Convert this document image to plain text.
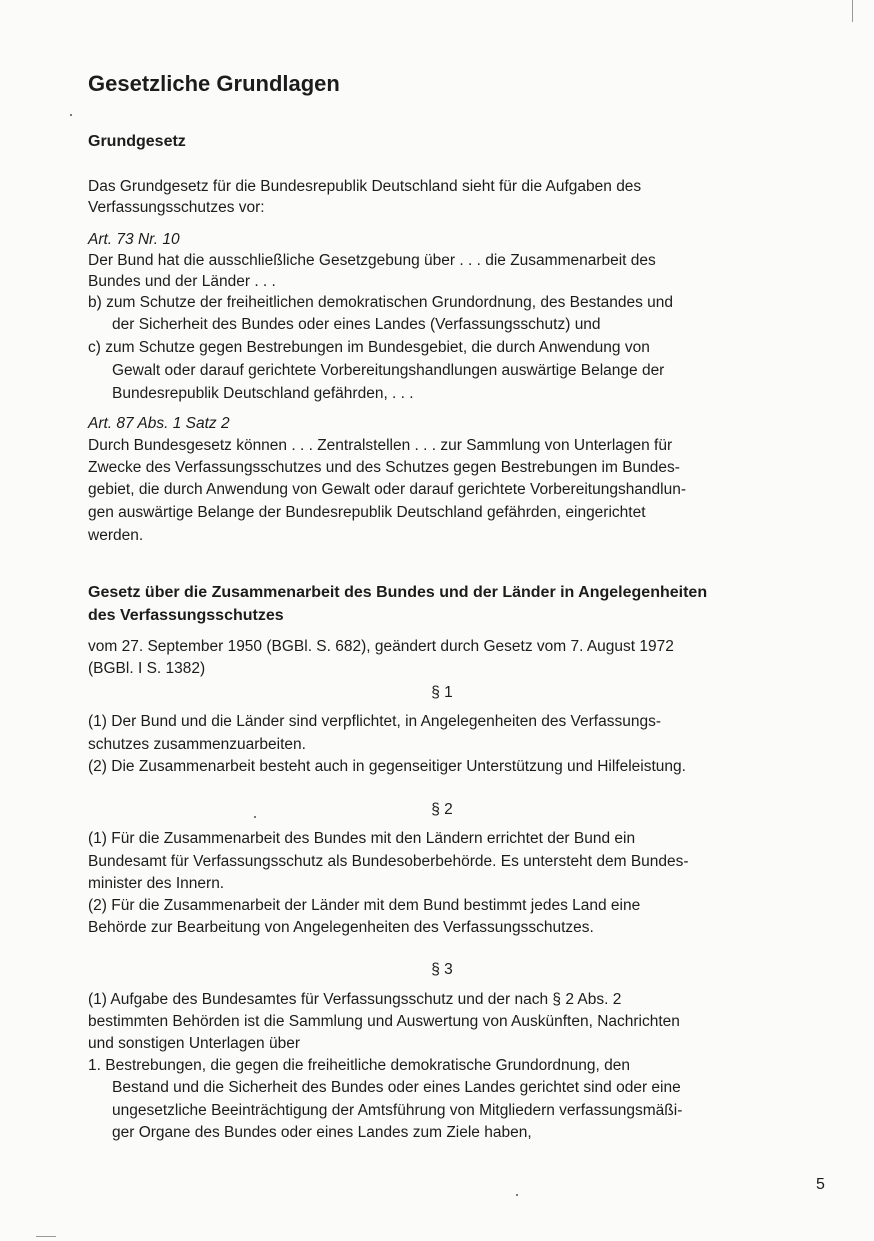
Gesetzliche Grundlagen
Grundgesetz
Das Grundgesetz für die Bundesrepublik Deutschland sieht für die Aufgaben des
Verfassungsschutzes vor:
Art. 73 Nr. 10
Der Bund hat die ausschließliche Gesetzgebung über . . . die Zusammenarbeit des
Bundes und der Länder . . .
b) zum Schutze der freiheitlichen demokratischen Grundordnung, des Bestandes und
der Sicherheit des Bundes oder eines Landes (Verfassungsschutz) und
c) zum Schutze gegen Bestrebungen im Bundesgebiet, die durch Anwendung von
Gewalt oder darauf gerichtete Vorbereitungshandlungen auswärtige Belange der
Bundesrepublik Deutschland gefährden, . . .
Art. 87 Abs. 1 Satz 2
Durch Bundesgesetz können . . . Zentralstellen . . . zur Sammlung von Unterlagen für
Zwecke des Verfassungsschutzes und des Schutzes gegen Bestrebungen im Bundes-
gebiet, die durch Anwendung von Gewalt oder darauf gerichtete Vorbereitungshandlun-
gen auswärtige Belange der Bundesrepublik Deutschland gefährden, eingerichtet
werden.
Gesetz über die Zusammenarbeit des Bundes und der Länder in Angelegenheiten
des Verfassungsschutzes
vom 27. September 1950 (BGBl. S. 682), geändert durch Gesetz vom 7. August 1972
(BGBl. I S. 1382)
§ 1
(1) Der Bund und die Länder sind verpflichtet, in Angelegenheiten des Verfassungs-
schutzes zusammenzuarbeiten.
(2) Die Zusammenarbeit besteht auch in gegenseitiger Unterstützung und Hilfeleistung.
§ 2
(1) Für die Zusammenarbeit des Bundes mit den Ländern errichtet der Bund ein
Bundesamt für Verfassungsschutz als Bundesoberbehörde. Es untersteht dem Bundes-
minister des Innern.
(2) Für die Zusammenarbeit der Länder mit dem Bund bestimmt jedes Land eine
Behörde zur Bearbeitung von Angelegenheiten des Verfassungsschutzes.
§ 3
(1) Aufgabe des Bundesamtes für Verfassungsschutz und der nach § 2 Abs. 2
bestimmten Behörden ist die Sammlung und Auswertung von Auskünften, Nachrichten
und sonstigen Unterlagen über
1. Bestrebungen, die gegen die freiheitliche demokratische Grundordnung, den
Bestand und die Sicherheit des Bundes oder eines Landes gerichtet sind oder eine
ungesetzliche Beeinträchtigung der Amtsführung von Mitgliedern verfassungsmäßi-
ger Organe des Bundes oder eines Landes zum Ziele haben,
5
